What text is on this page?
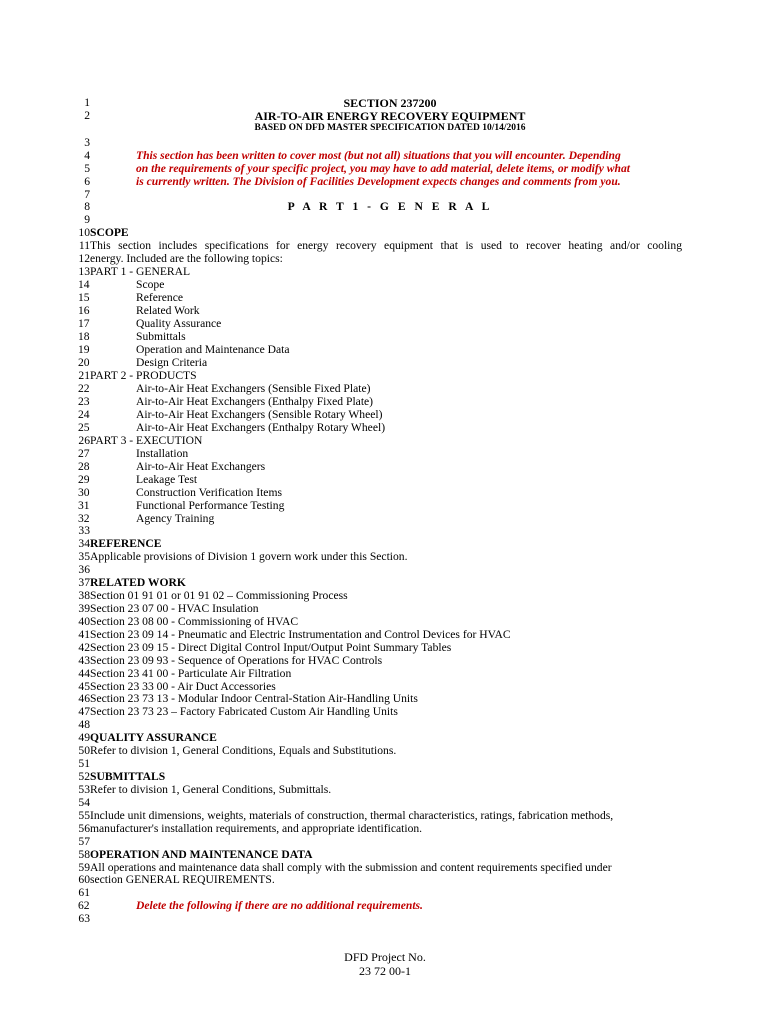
1	SECTION 237200
2	AIR-TO-AIR ENERGY RECOVERY EQUIPMENT
BASED ON DFD MASTER SPECIFICATION DATED 10/14/2016
3
4	This section has been written to cover most (but not all) situations that you will encounter. Depending
5	on the requirements of your specific project, you may have to add material, delete items, or modify what
6	is currently written. The Division of Facilities Development expects changes and comments from you.
7
8	P A R T 1 - G E N E R A L
9
10SCOPE
11This section includes specifications for energy recovery equipment that is used to recover heating and/or cooling
12energy. Included are the following topics:
13PART 1 - GENERAL
14	Scope
15	Reference
16	Related Work
17	Quality Assurance
18	Submittals
19	Operation and Maintenance Data
20	Design Criteria
21PART 2 - PRODUCTS
22	Air-to-Air Heat Exchangers (Sensible Fixed Plate)
23	Air-to-Air Heat Exchangers (Enthalpy Fixed Plate)
24	Air-to-Air Heat Exchangers (Sensible Rotary Wheel)
25	Air-to-Air Heat Exchangers (Enthalpy Rotary Wheel)
26PART 3 - EXECUTION
27	Installation
28	Air-to-Air Heat Exchangers
29	Leakage Test
30	Construction Verification Items
31	Functional Performance Testing
32	Agency Training
33
34REFERENCE
35Applicable provisions of Division 1 govern work under this Section.
36
37RELATED WORK
38Section 01 91 01 or 01 91 02 – Commissioning Process
39Section 23 07 00 - HVAC Insulation
40Section 23 08 00 - Commissioning of HVAC
41Section 23 09 14 - Pneumatic and Electric Instrumentation and Control Devices for HVAC
42Section 23 09 15 - Direct Digital Control Input/Output Point Summary Tables
43Section 23 09 93 - Sequence of Operations for HVAC Controls
44Section 23 41 00 - Particulate Air Filtration
45Section 23 33 00 - Air Duct Accessories
46Section 23 73 13 - Modular Indoor Central-Station Air-Handling Units
47Section 23 73 23 – Factory Fabricated Custom Air Handling Units
48
49QUALITY ASSURANCE
50Refer to division 1, General Conditions, Equals and Substitutions.
51
52SUBMITTALS
53Refer to division 1, General Conditions, Submittals.
54
55Include unit dimensions, weights, materials of construction, thermal characteristics, ratings, fabrication methods,
56manufacturer's installation requirements, and appropriate identification.
57
58OPERATION AND MAINTENANCE DATA
59All operations and maintenance data shall comply with the submission and content requirements specified under
60section GENERAL REQUIREMENTS.
61
62	Delete the following if there are no additional requirements.
63
DFD Project No.
23 72 00-1
